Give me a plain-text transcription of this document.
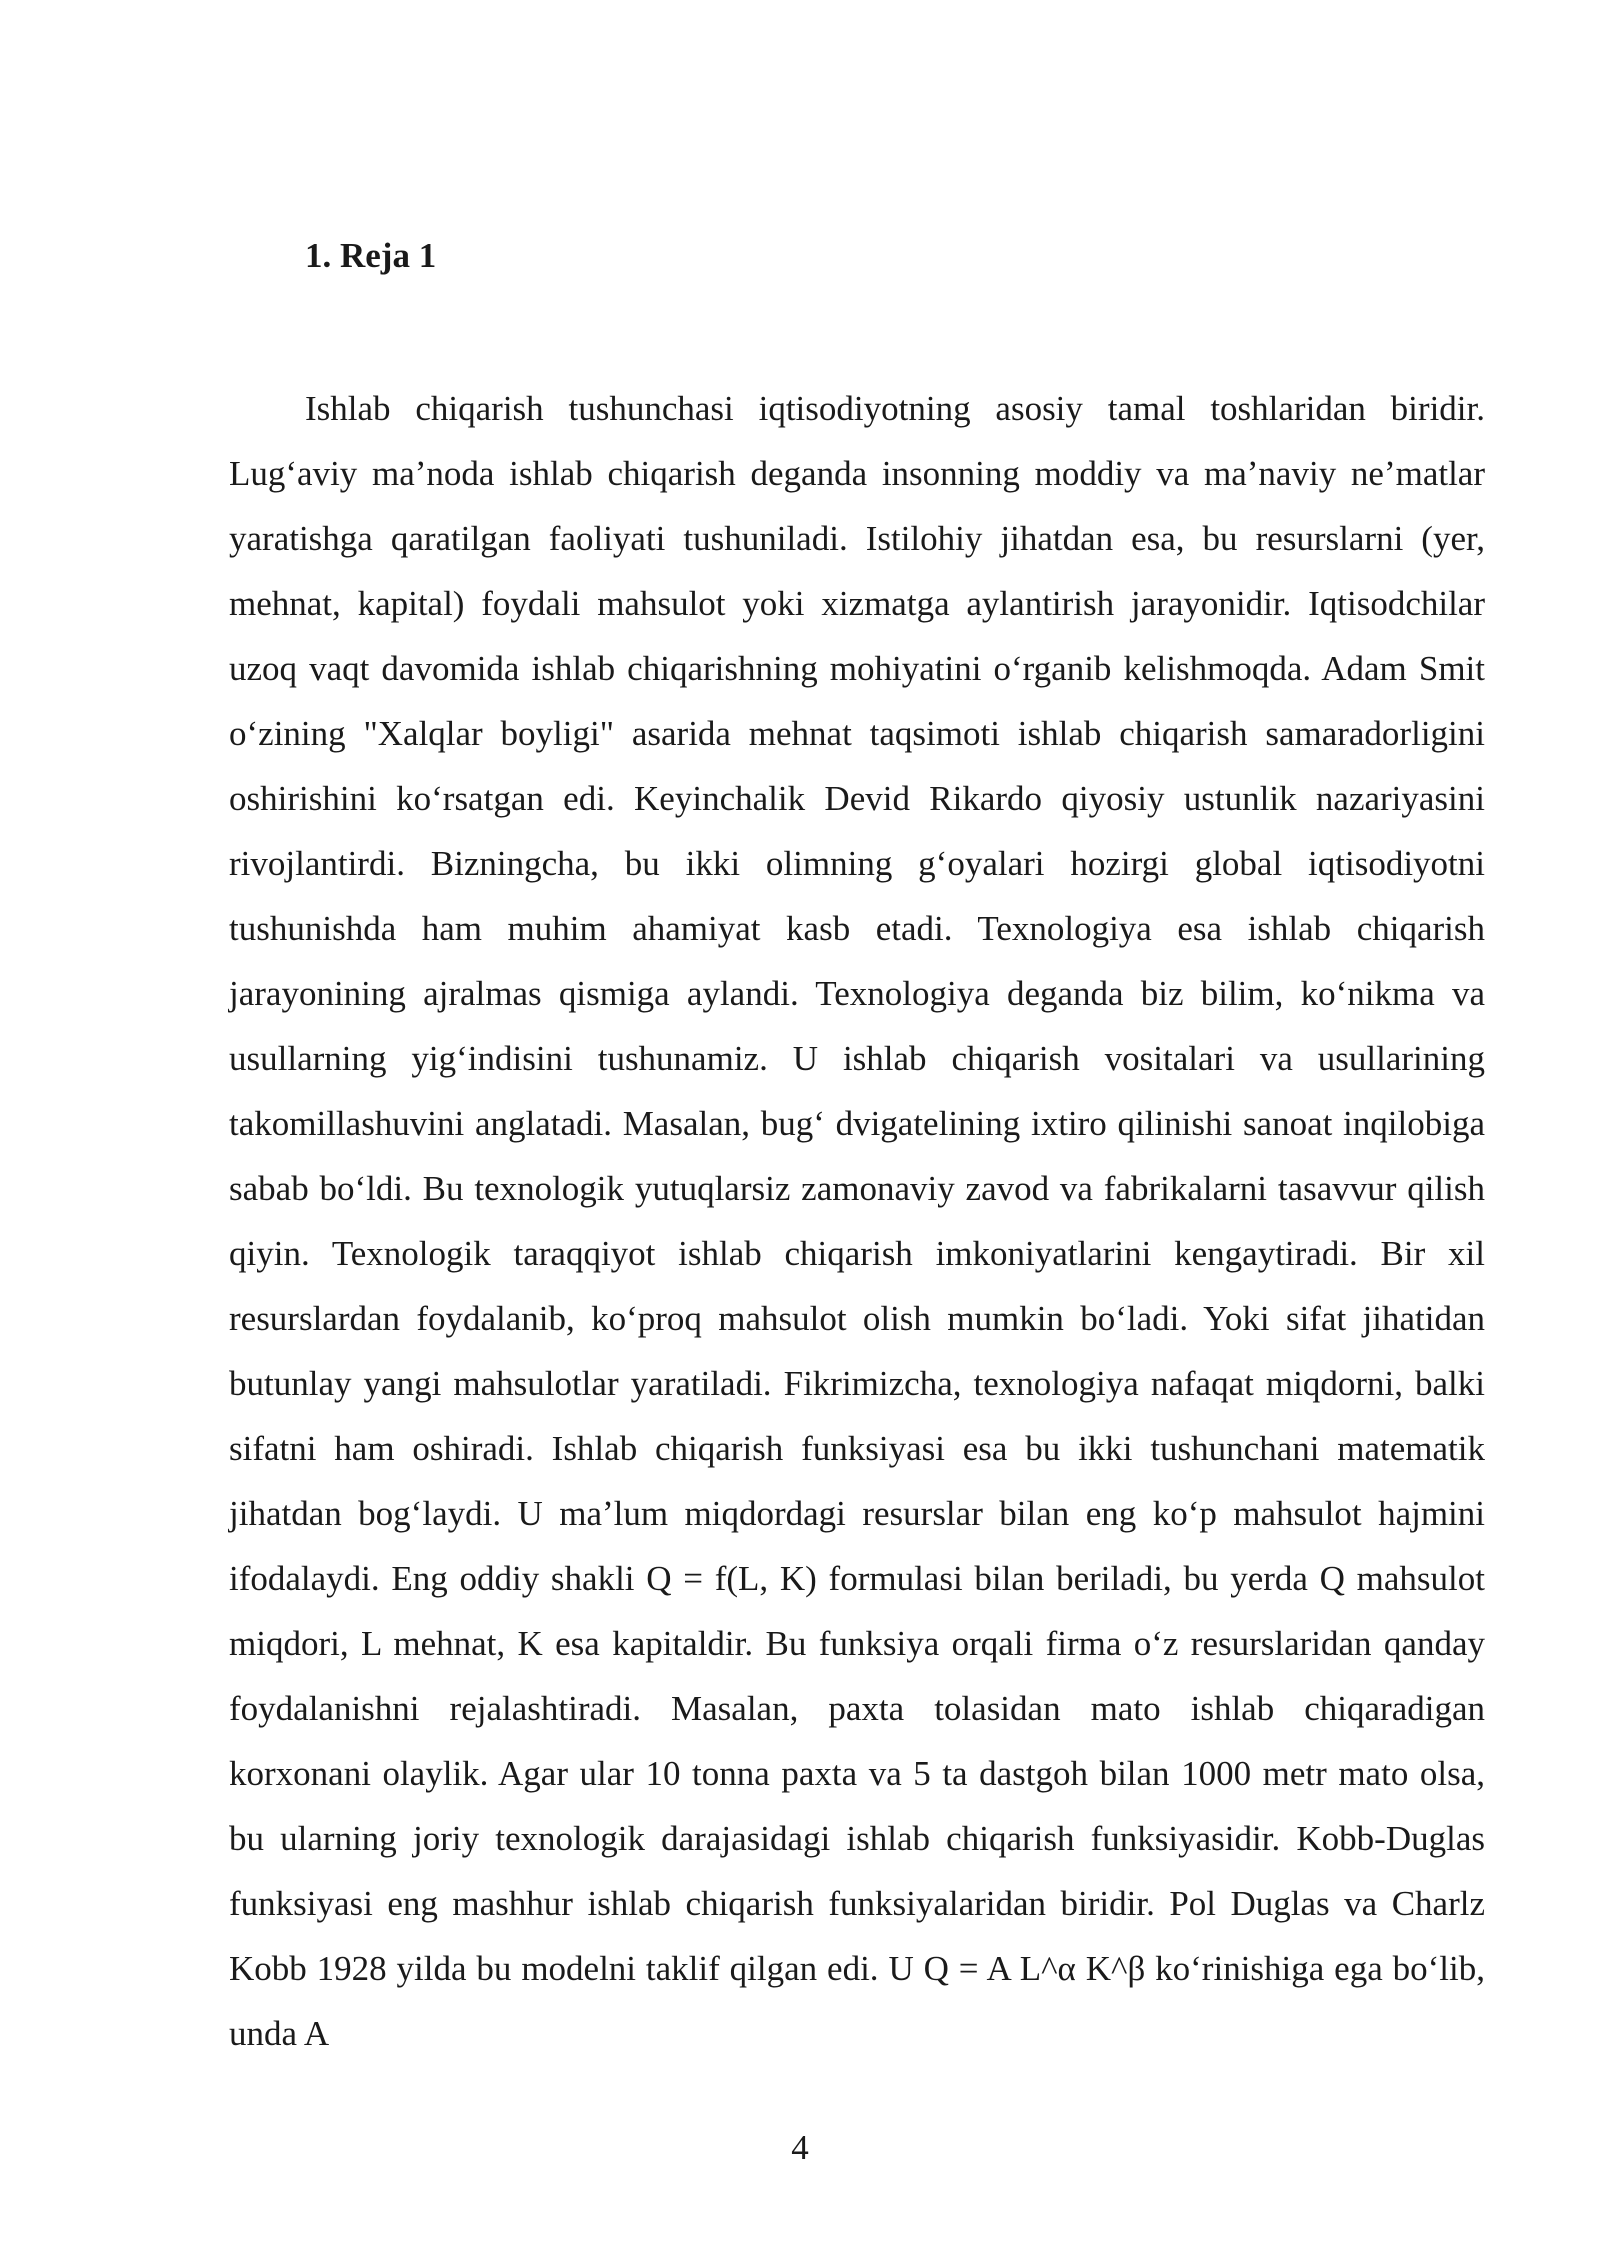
1. Reja 1

Ishlab chiqarish tushunchasi iqtisodiyotning asosiy tamal toshlaridan biridir. Lugʻaviy maʼnoda ishlab chiqarish deganda insonning moddiy va maʼnaviy neʼmatlar yaratishga qaratilgan faoliyati tushuniladi. Istilohiy jihatdan esa, bu resurslarni (yer, mehnat, kapital) foydali mahsulot yoki xizmatga aylantirish jarayonidir. Iqtisodchilar uzoq vaqt davomida ishlab chiqarishning mohiyatini oʻrganib kelishmoqda. Adam Smit oʻzining "Xalqlar boyligi" asarida mehnat taqsimoti ishlab chiqarish samaradorligini oshirishini koʻrsatgan edi. Keyinchalik Devid Rikardo qiyosiy ustunlik nazariyasini rivojlantirdi. Bizningcha, bu ikki olimning gʻoyalari hozirgi global iqtisodiyotni tushunishda ham muhim ahamiyat kasb etadi. Texnologiya esa ishlab chiqarish jarayonining ajralmas qismiga aylandi. Texnologiya deganda biz bilim, koʻnikma va usullarning yigʻindisini tushunamiz. U ishlab chiqarish vositalari va usullarining takomillashuvini anglatadi. Masalan, bugʻ dvigatelining ixtiro qilinishi sanoat inqilobiga sabab boʻldi. Bu texnologik yutuqlarsiz zamonaviy zavod va fabrikalarni tasavvur qilish qiyin. Texnologik taraqqiyot ishlab chiqarish imkoniyatlarini kengaytiradi. Bir xil resurslardan foydalanib, koʻproq mahsulot olish mumkin boʻladi. Yoki sifat jihatidan butunlay yangi mahsulotlar yaratiladi. Fikrimizcha, texnologiya nafaqat miqdorni, balki sifatni ham oshiradi. Ishlab chiqarish funksiyasi esa bu ikki tushunchani matematik jihatdan bogʻlaydi. U maʼlum miqdordagi resurslar bilan eng koʻp mahsulot hajmini ifodalaydi. Eng oddiy shakli Q = f(L, K) formulasi bilan beriladi, bu yerda Q mahsulot miqdori, L mehnat, K esa kapitaldir. Bu funksiya orqali firma oʻz resurslaridan qanday foydalanishni rejalashtiradi. Masalan, paxta tolasidan mato ishlab chiqaradigan korxonani olaylik. Agar ular 10 tonna paxta va 5 ta dastgoh bilan 1000 metr mato olsa, bu ularning joriy texnologik darajasidagi ishlab chiqarish funksiyasidir. Kobb-Duglas funksiyasi eng mashhur ishlab chiqarish funksiyalaridan biridir. Pol Duglas va Charlz Kobb 1928 yilda bu modelni taklif qilgan edi. U Q = A L^α K^β koʻrinishiga ega boʻlib, unda A

4
